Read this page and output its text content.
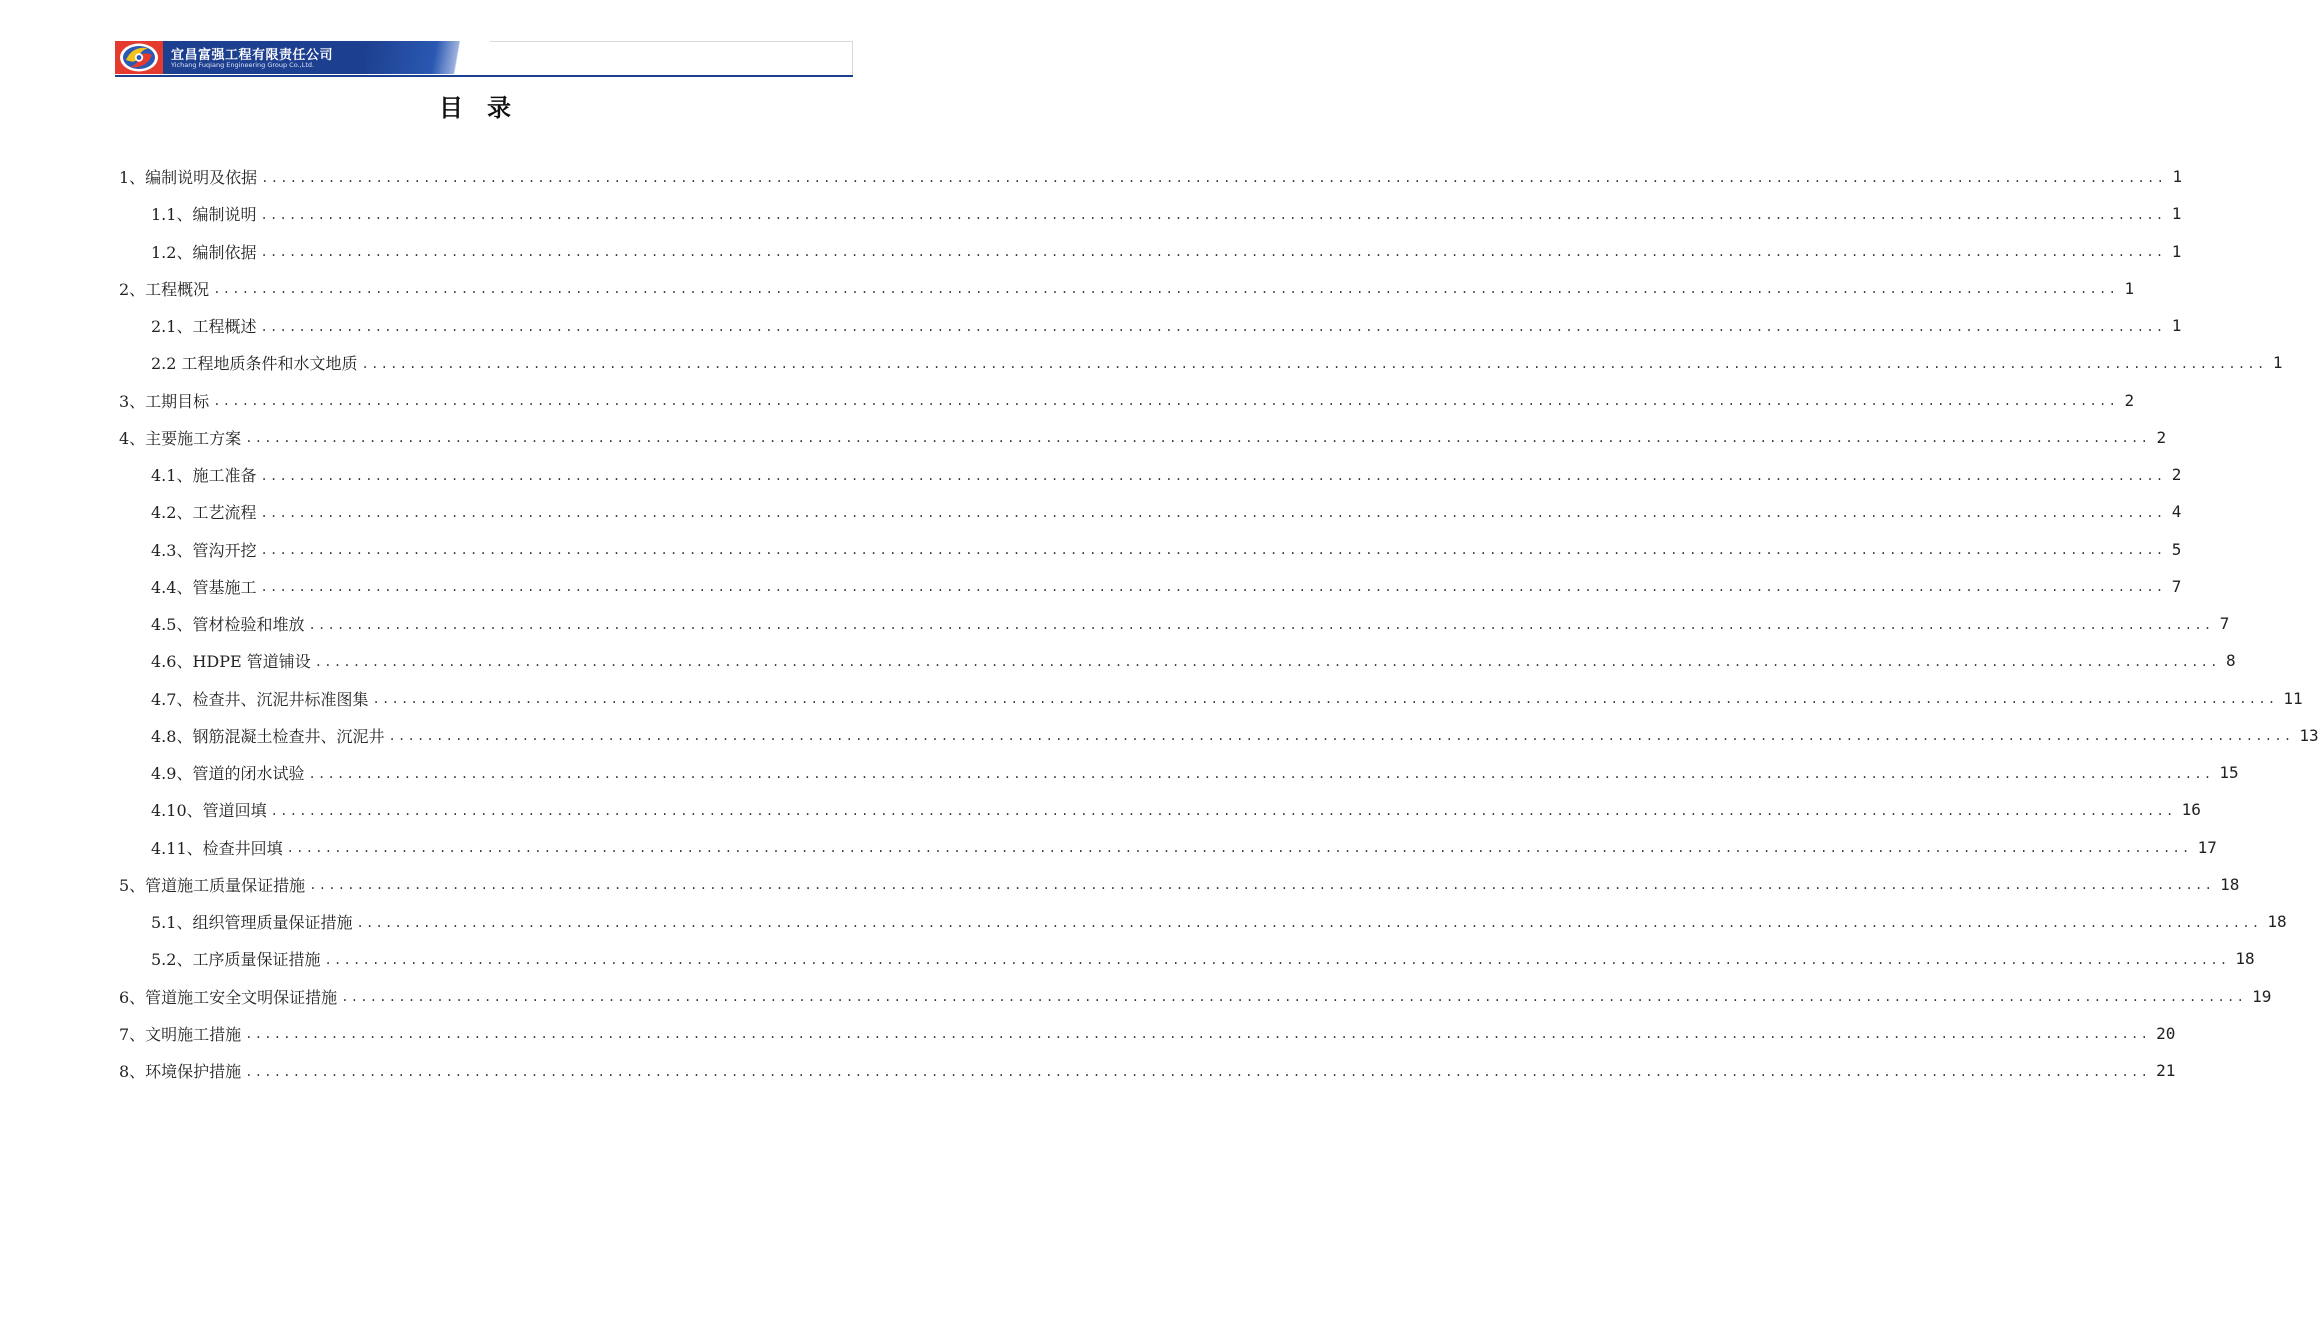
宜昌富强工程有限责任公司
Yichang Fuqiang Engineering Group Co.,Ltd.
目　录
1、编制说明及依据 ........................................................................................................................................................................................................ 1
1.1、编制说明 ........................................................................................................................................................................................................ 1
1.2、编制依据 ........................................................................................................................................................................................................ 1
2、工程概况 ........................................................................................................................................................................................................ 1
2.1、工程概述 ........................................................................................................................................................................................................ 1
2.2 工程地质条件和水文地质 ........................................................................................................................................................................................................ 1
3、工期目标 ........................................................................................................................................................................................................ 2
4、主要施工方案 ........................................................................................................................................................................................................ 2
4.1、施工准备 ........................................................................................................................................................................................................ 2
4.2、工艺流程 ........................................................................................................................................................................................................ 4
4.3、管沟开挖 ........................................................................................................................................................................................................ 5
4.4、管基施工 ........................................................................................................................................................................................................ 7
4.5、管材检验和堆放 ........................................................................................................................................................................................................ 7
4.6、HDPE 管道铺设 ........................................................................................................................................................................................................ 8
4.7、检查井、沉泥井标准图集 ........................................................................................................................................................................................................ 11
4.8、钢筋混凝土检查井、沉泥井 ........................................................................................................................................................................................................ 13
4.9、管道的闭水试验 ........................................................................................................................................................................................................ 15
4.10、管道回填 ........................................................................................................................................................................................................ 16
4.11、检查井回填 ........................................................................................................................................................................................................ 17
5、管道施工质量保证措施 ........................................................................................................................................................................................................ 18
5.1、组织管理质量保证措施 ........................................................................................................................................................................................................ 18
5.2、工序质量保证措施 ........................................................................................................................................................................................................ 18
6、管道施工安全文明保证措施 ........................................................................................................................................................................................................ 19
7、文明施工措施 ........................................................................................................................................................................................................ 20
8、环境保护措施 ........................................................................................................................................................................................................ 21
